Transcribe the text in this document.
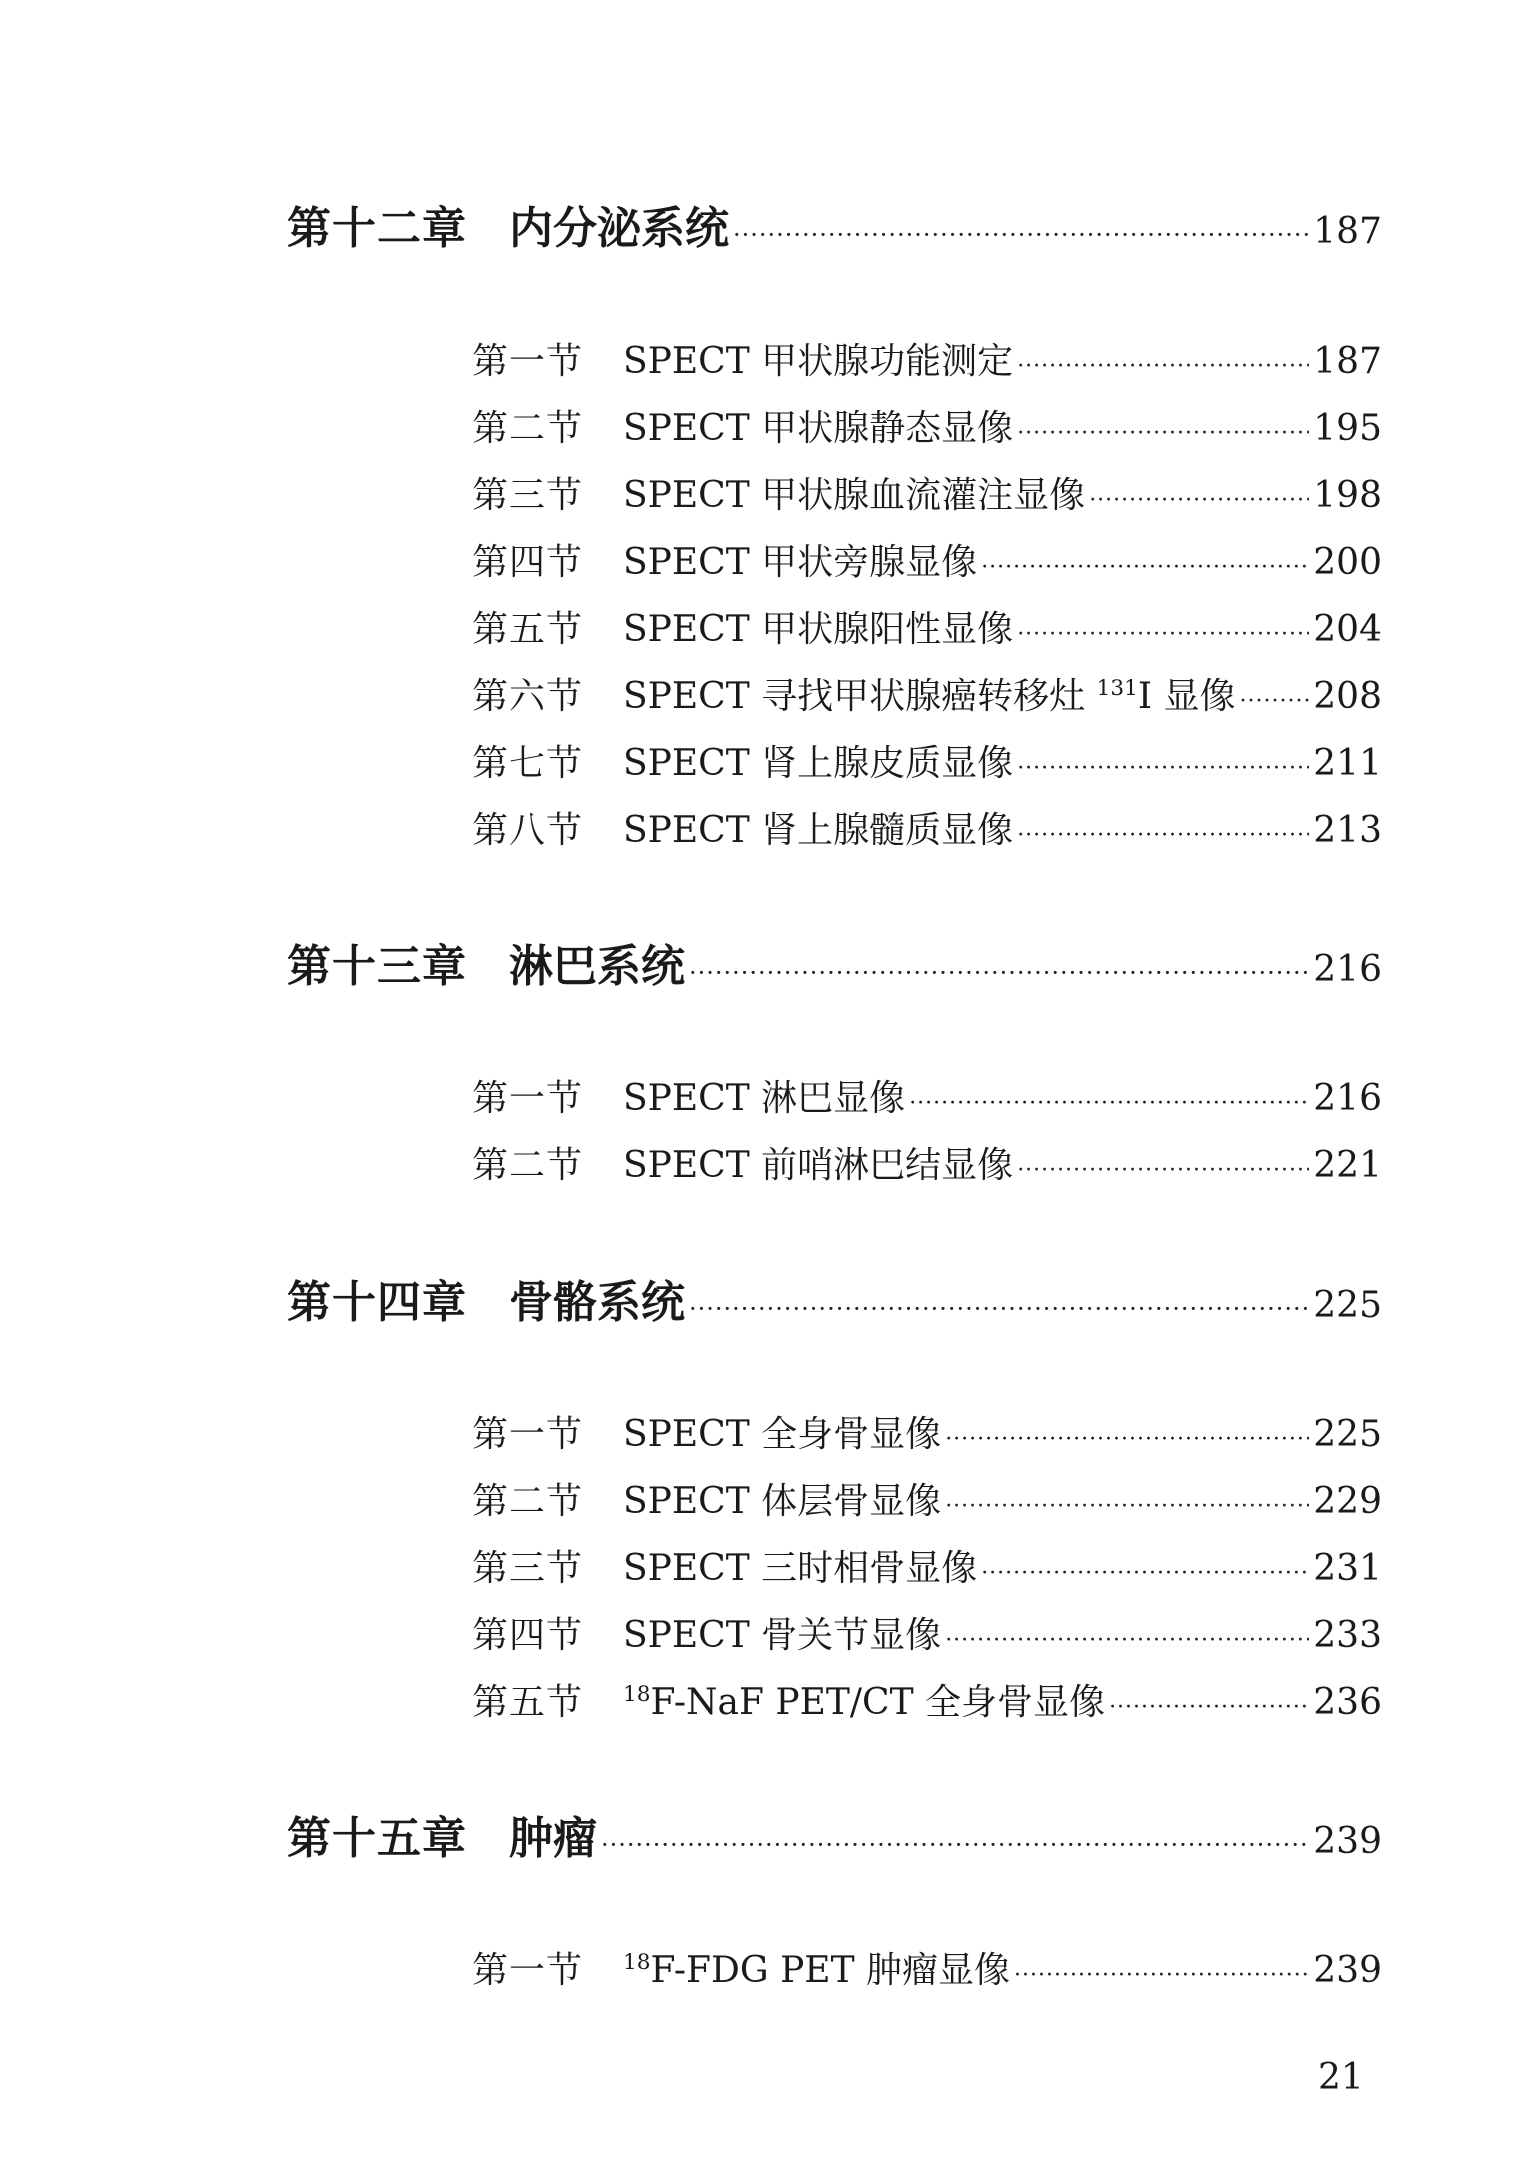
第十二章 内分泌系统 ·····	187
第一节 SPECT 甲状腺功能测定 ·····	187
第二节 SPECT 甲状腺静态显像 ·····	195
第三节 SPECT 甲状腺血流灌注显像 ·····	198
第四节 SPECT 甲状旁腺显像 ·····	200
第五节 SPECT 甲状腺阳性显像 ·····	204
第六节 SPECT 寻找甲状腺癌转移灶 $^{131}$I 显像 ····· 208
第七节 SPECT 肾上腺皮质显像 ·····	211
第八节 SPECT 肾上腺髓质显像 ·····	213
第十三章 淋巴系统 ·····	216
第一节 SPECT 淋巴显像 ·····	216
第二节 SPECT 前哨淋巴结显像 ·····	221
第十四章 骨骼系统 ·····	225
第一节 SPECT 全身骨显像 ·····	225
第二节 SPECT 体层骨显像 ·····	229
第三节 SPECT 三时相骨显像 ·····	231
第四节 SPECT 骨关节显像 ·····	233
第五节 $^{18}$F-NaF PET/CT 全身骨显像 ·····	236
第十五章 肿瘤 ·····	239
第一节 $^{18}$F-FDG PET 肿瘤显像 ·····	239
21
